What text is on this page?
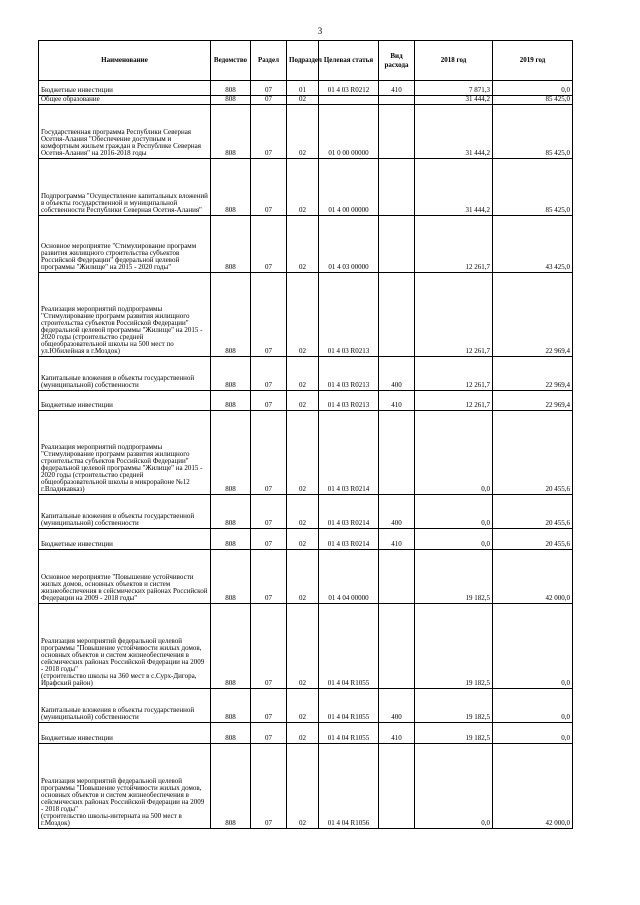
3
Наименование	Ведомство	Раздел	Подраздел	Целевая статья	Вид расхода	2018 год	2019 год
Бюджетные инвестиции	808	07	01	01 4 03 R0212	410	7 871,3	0,0
Общее образование	808	07	02			31 444,2	85 425,0
Государственная программа Республики Северная Осетия-Алания "Обеспечение доступным и комфортным жильем граждан в Республике Северная Осетия-Алания" на 2016-2018 годы	808	07	02	01 0 00 00000		31 444,2	85 425,0
Подпрограмма "Осуществление капитальных вложений в объекты государственной и муниципальной собственности Республики Северная Осетия-Алания"	808	07	02	01 4 00 00000		31 444,2	85 425,0
Основное мероприятие "Стимулирование программ развития жилищного строительства субъектов Российской Федерации" федеральной целевой программы "Жилище" на 2015 - 2020 годы"	808	07	02	01 4 03 00000		12 261,7	43 425,0
Реализация мероприятий подпрограммы "Стимулирование программ развития жилищного строительства субъектов Российской Федерации" федеральной целевой программы "Жилище" на 2015 - 2020 годы (строительство средней общеобразовательной школы на 500 мест по ул.Юбилейная в г.Моздок)	808	07	02	01 4 03 R0213		12 261,7	22 969,4
Капитальные вложения в объекты государственной (муниципальной) собственности	808	07	02	01 4 03 R0213	400	12 261,7	22 969,4
Бюджетные инвестиции	808	07	02	01 4 03 R0213	410	12 261,7	22 969,4
Реализация мероприятий подпрограммы "Стимулирование программ развития жилищного строительства субъектов Российской Федерации" федеральной целевой программы "Жилище" на 2015 - 2020 годы (строительство средней общеобразовательной школы в микрорайоне №12 г.Владикавказ)	808	07	02	01 4 03 R0214		0,0	20 455,6
Капитальные вложения в объекты государственной (муниципальной) собственности	808	07	02	01 4 03 R0214	400	0,0	20 455,6
Бюджетные инвестиции	808	07	02	01 4 03 R0214	410	0,0	20 455,6
Основное мероприятие "Повышение устойчивости жилых домов, основных объектов и систем жизнеобеспечения в сейсмических районах Российской Федерации на 2009 - 2018 годы"	808	07	02	01 4 04 00000		19 182,5	42 000,0
Реализация мероприятий федеральной целевой программы "Повышение устойчивости жилых домов, основных объектов и систем жизнеобеспечения в сейсмических районах Российской Федерации на 2009 - 2018 годы"
(строительство школы на 360 мест в с.Сурх-Дигора, Ирафский район)	808	07	02	01 4 04 R1055		19 182,5	0,0
Капитальные вложения в объекты государственной (муниципальной) собственности	808	07	02	01 4 04 R1055	400	19 182,5	0,0
Бюджетные инвестиции	808	07	02	01 4 04 R1055	410	19 182,5	0,0
Реализация мероприятий федеральной целевой программы "Повышение устойчивости жилых домов, основных объектов и систем жизнеобеспечения в сейсмических районах Российской Федерации на 2009 - 2018 годы"
(строительство школы-интерната на 500 мест в г.Моздок)	808	07	02	01 4 04 R1056		0,0	42 000,0
